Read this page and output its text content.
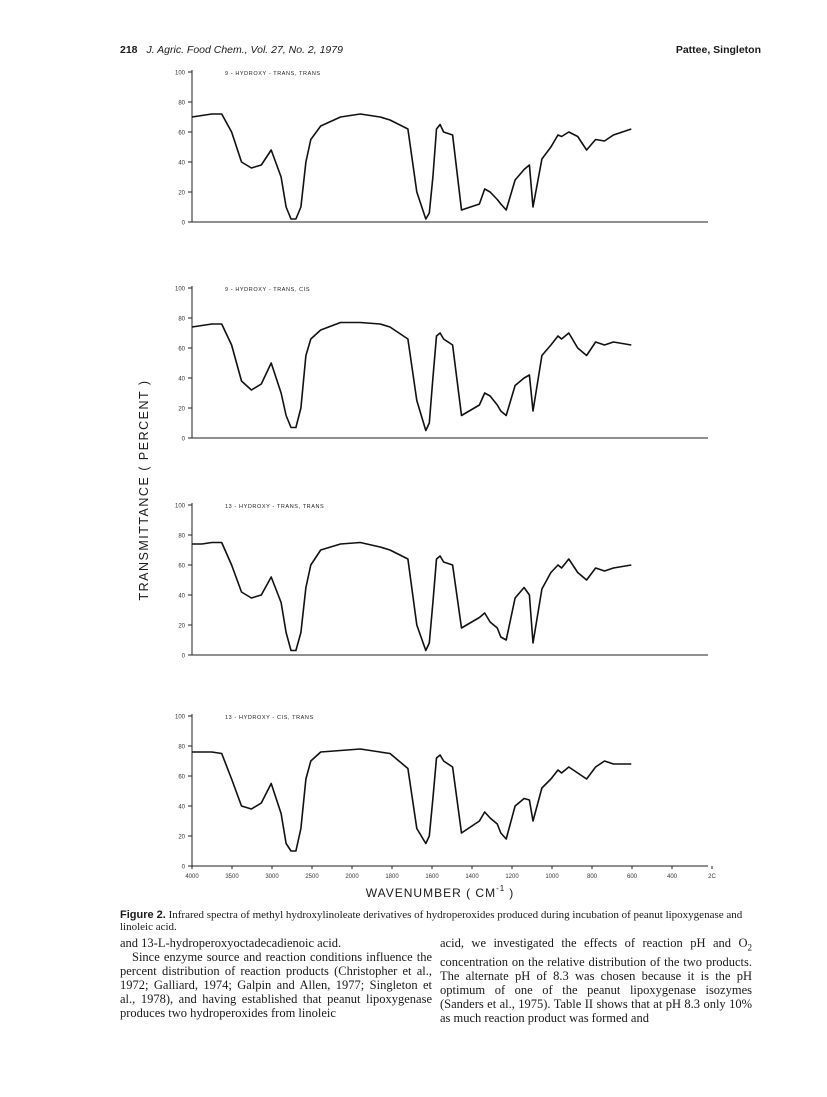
218 J. Agric. Food Chem., Vol. 27, No. 2, 1979	Pattee, Singleton
TRANSMITTANCE ( PERCENT )
100
80
60
40
20
0
9 - HYDROXY - TRANS, TRANS
100
80
60
40
20
0
9 - HYDROXY - TRANS, CIS
100
80
60
40
20
0
13 - HYDROXY - TRANS, TRANS
100
80
60
40
20
0
13 - HYDROXY - CIS, TRANS
4000	3500	3000	2500	2000	1800	1600	1400	1200	1000	800	600	400	2C
WAVENUMBER ( $CM^{-1}$ )
Figure 2. Infrared spectra of methyl hydroxylinoleate derivatives of hydroperoxides produced during incubation of peanut lipoxygenase and linoleic acid.

and 13-L-hydroperoxyoctadecadienoic acid.

Since enzyme source and reaction conditions influence the percent distribution of reaction products (Christopher et al., 1972; Galliard, 1974; Galpin and Allen, 1977; Singleton et al., 1978), and having established that peanut lipoxygenase produces two hydroperoxides from linoleic

acid, we investigated the effects of reaction pH and $O_2$ concentration on the relative distribution of the two products. The alternate pH of 8.3 was chosen because it is the pH optimum of one of the peanut lipoxygenase isozymes (Sanders et al., 1975). Table II shows that at pH 8.3 only 10% as much reaction product was formed and
